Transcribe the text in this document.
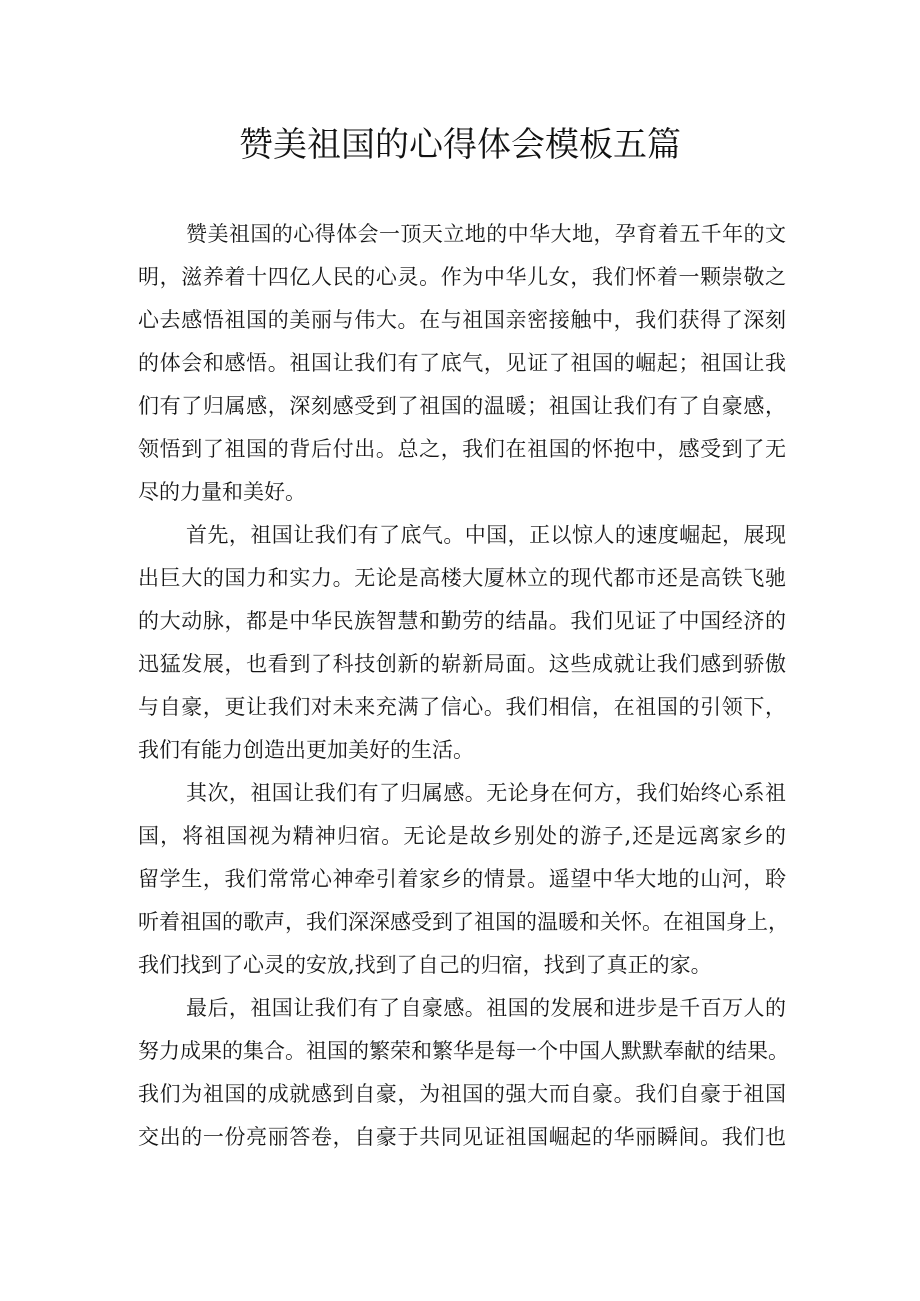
赞美祖国的心得体会模板五篇
赞美祖国的心得体会一顶天立地的中华大地，孕育着五千年的文
明，滋养着十四亿人民的心灵。作为中华儿女，我们怀着一颗崇敬之
心去感悟祖国的美丽与伟大。在与祖国亲密接触中，我们获得了深刻
的体会和感悟。祖国让我们有了底气，见证了祖国的崛起；祖国让我
们有了归属感，深刻感受到了祖国的温暖；祖国让我们有了自豪感，
领悟到了祖国的背后付出。总之，我们在祖国的怀抱中，感受到了无
尽的力量和美好。
首先，祖国让我们有了底气。中国，正以惊人的速度崛起，展现
出巨大的国力和实力。无论是高楼大厦林立的现代都市还是高铁飞驰
的大动脉，都是中华民族智慧和勤劳的结晶。我们见证了中国经济的
迅猛发展，也看到了科技创新的崭新局面。这些成就让我们感到骄傲
与自豪，更让我们对未来充满了信心。我们相信，在祖国的引领下，
我们有能力创造出更加美好的生活。
其次，祖国让我们有了归属感。无论身在何方，我们始终心系祖
国，将祖国视为精神归宿。无论是故乡别处的游子,还是远离家乡的
留学生，我们常常心神牵引着家乡的情景。遥望中华大地的山河，聆
听着祖国的歌声，我们深深感受到了祖国的温暖和关怀。在祖国身上，
我们找到了心灵的安放,找到了自己的归宿，找到了真正的家。
最后，祖国让我们有了自豪感。祖国的发展和进步是千百万人的
努力成果的集合。祖国的繁荣和繁华是每一个中国人默默奉献的结果。
我们为祖国的成就感到自豪，为祖国的强大而自豪。我们自豪于祖国
交出的一份亮丽答卷，自豪于共同见证祖国崛起的华丽瞬间。我们也
